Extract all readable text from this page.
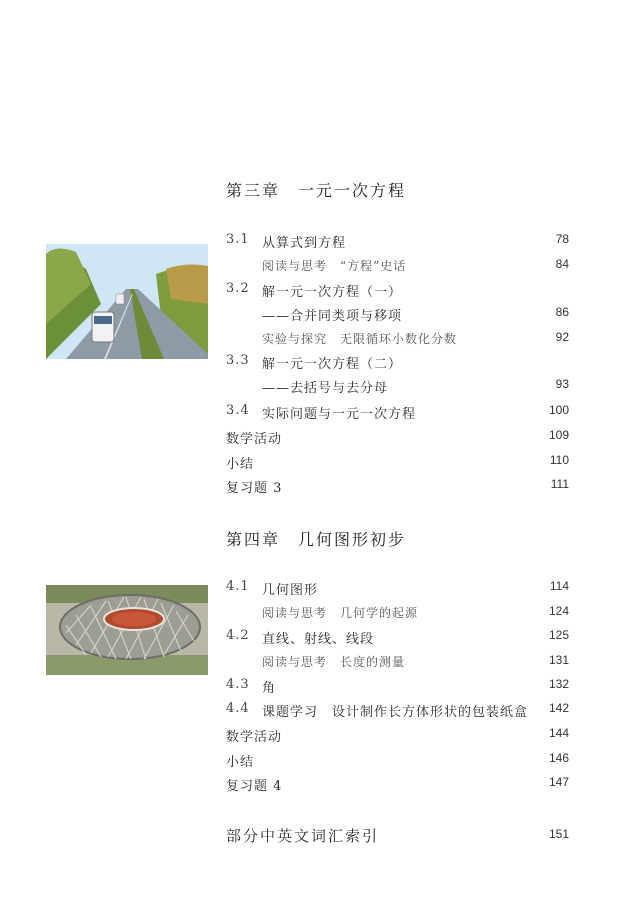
第三章　一元一次方程
3.1 从算式到方程	78
阅读与思考　“方程”史话	84
3.2 解一元一次方程（一）
——合并同类项与移项	86
实验与探究　无限循环小数化分数	92
3.3 解一元一次方程（二）
——去括号与去分母	93
3.4 实际问题与一元一次方程	100
数学活动	109
小结	110
复习题 3	111
第四章　几何图形初步
4.1 几何图形	114
阅读与思考　几何学的起源	124
4.2 直线、射线、线段	125
阅读与思考　长度的测量	131
4.3 角	132
4.4 课题学习　设计制作长方体形状的包装纸盒 142
数学活动	144
小结	146
复习题 4	147
部分中英文词汇索引	151
